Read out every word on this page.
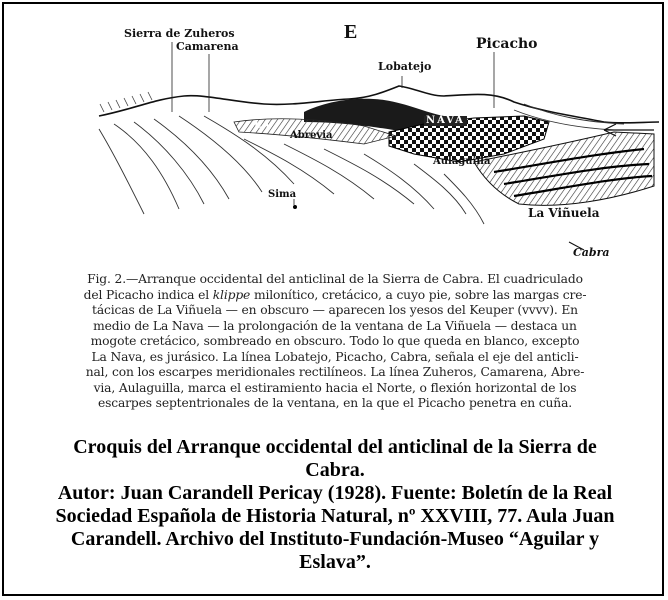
E
Sierra de Zuheros
Camarena
Lobatejo
Picacho
LA	NAVA
Abrevia
Aulaguilla
Sima
La Viñuela
Cabra
Fig. 2.—Arranque occidental del anticlinal de la Sierra de Cabra. El cuadriculado
del Picacho indica el klippe milonítico, cretácico, a cuyo pie, sobre las margas cre-
tácicas de La Viñuela — en obscuro — aparecen los yesos del Keuper (vvvv). En
medio de La Nava — la prolongación de la ventana de La Viñuela — destaca un
mogote cretácico, sombreado en obscuro. Todo lo que queda en blanco, excepto
La Nava, es jurásico. La línea Lobatejo, Picacho, Cabra, señala el eje del anticli-
nal, con los escarpes meridionales rectilíneos. La línea Zuheros, Camarena, Abre-
via, Aulaguilla, marca el estiramiento hacia el Norte, o flexión horizontal de los
escarpes septentrionales de la ventana, en la que el Picacho penetra en cuña.
Croquis del Arranque occidental del anticlinal de la Sierra de
Cabra.
Autor: Juan Carandell Pericay (1928). Fuente: Boletín de la Real
Sociedad Española de Historia Natural, nº XXVIII, 77. Aula Juan
Carandell. Archivo del Instituto-Fundación-Museo “Aguilar y
Eslava”.
